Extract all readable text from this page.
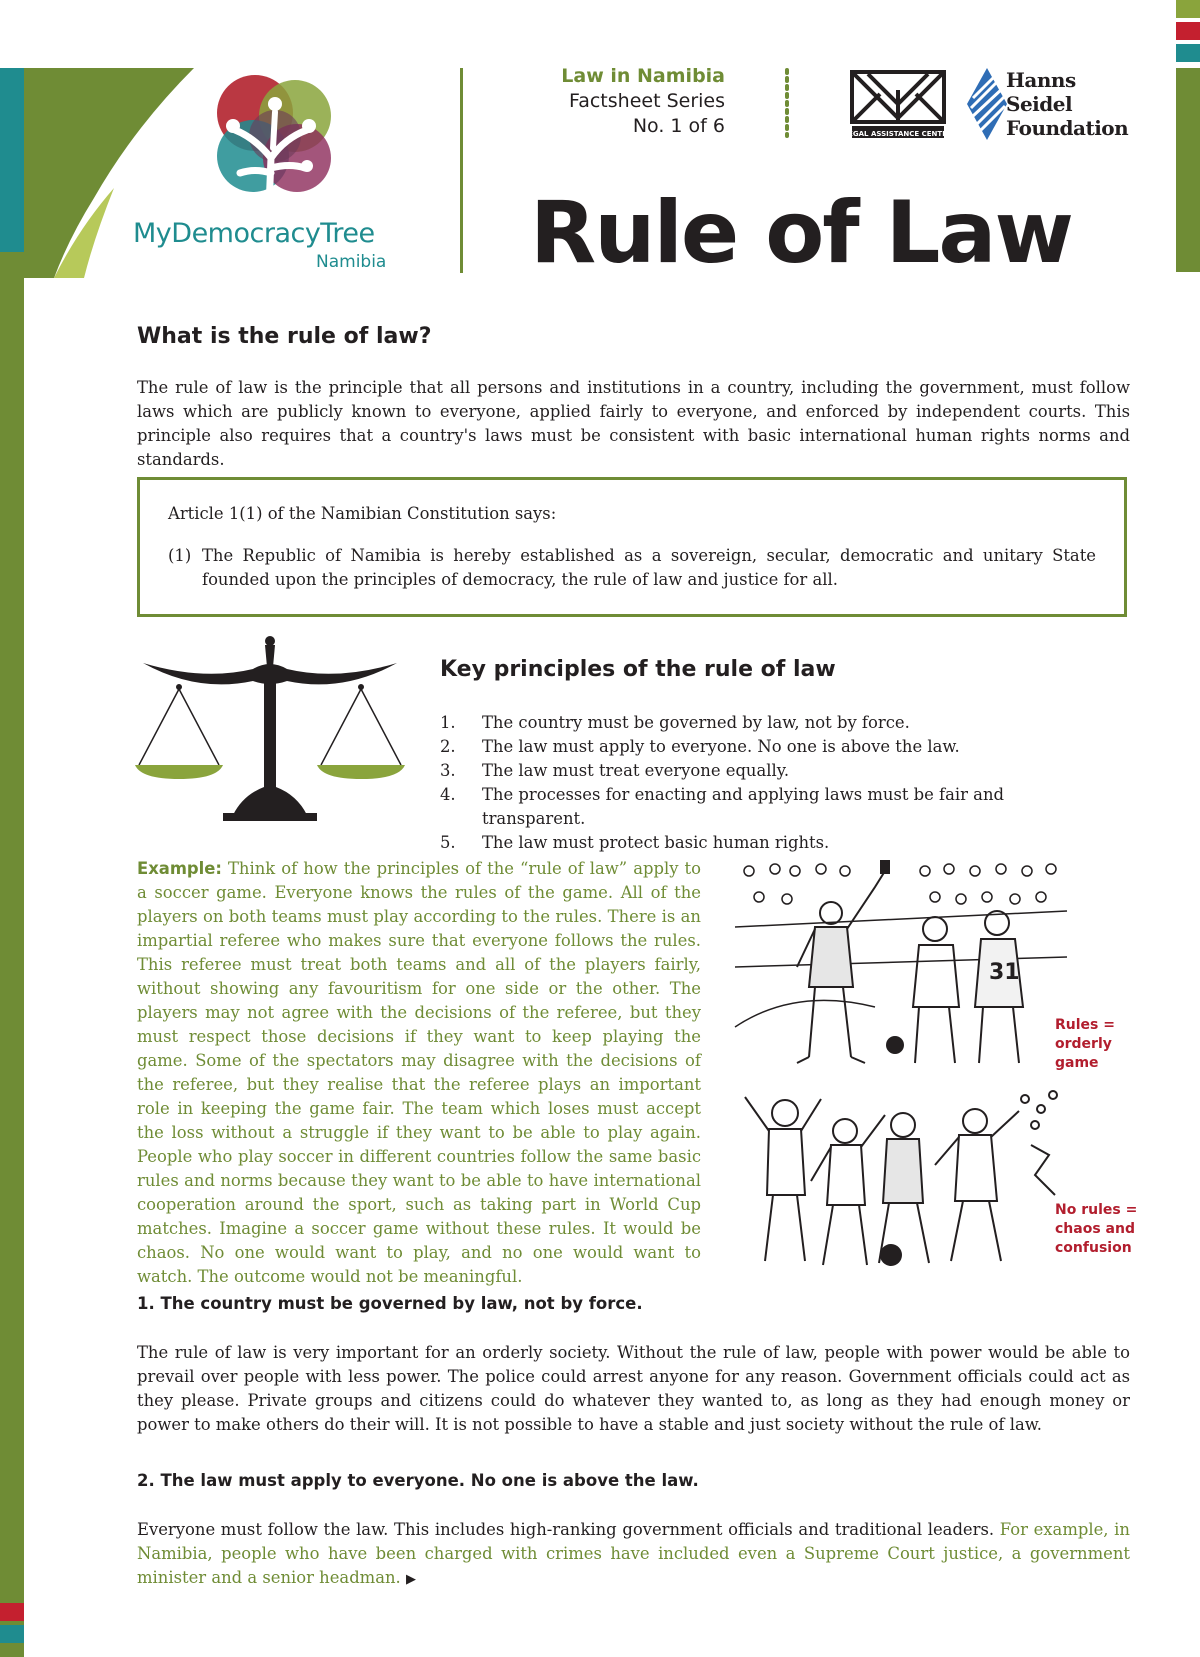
MyDemocracyTree
Namibia
Law in Namibia
Factsheet Series
No. 1 of 6	LEGAL ASSISTANCE CENTRE
Hanns
Seidel
Foundation
Rule of Law
What is the rule of law?

The rule of law is the principle that all persons and institutions in a country, including the government, must follow laws which are publicly known to everyone, applied fairly to everyone, and enforced by independent courts. This principle also requires that a country's laws must be consistent with basic international human rights norms and standards.

Article 1(1) of the Namibian Constitution says:
(1) The Republic of Namibia is hereby established as a sovereign, secular, democratic and unitary State founded upon the principles of democracy, the rule of law and justice for all.
Key principles of the rule of law
1.	The country must be governed by law, not by force.
2.	The law must apply to everyone. No one is above the law.
3.	The law must treat everyone equally.
4.	The processes for enacting and applying laws must be fair and transparent.
5.	The law must protect basic human rights.

Example: Think of how the principles of the “rule of law” apply to a soccer game. Everyone knows the rules of the game. All of the players on both teams must play according to the rules. There is an impartial referee who makes sure that everyone follows the rules. This referee must treat both teams and all of the players fairly, without showing any favouritism for one side or the other. The players may not agree with the decisions of the referee, but they must respect those decisions if they want to keep playing the game. Some of the spectators may disagree with the decisions of the referee, but they realise that the referee plays an important role in keeping the game fair. The team which loses must accept the loss without a struggle if they want to be able to play again. People who play soccer in different countries follow the same basic rules and norms because they want to be able to have international cooperation around the sport, such as taking part in World Cup matches. Imagine a soccer game without these rules. It would be chaos. No one would want to play, and no one would want to watch. The outcome would not be meaningful.

31
Rules =
orderly
game
No rules =
chaos and
confusion
1. The country must be governed by law, not by force.

The rule of law is very important for an orderly society. Without the rule of law, people with power would be able to prevail over people with less power. The police could arrest anyone for any reason. Government officials could act as they please. Private groups and citizens could do whatever they wanted to, as long as they had enough money or power to make others do their will. It is not possible to have a stable and just society without the rule of law.

2. The law must apply to everyone. No one is above the law.

Everyone must follow the law. This includes high-ranking government officials and traditional leaders. For example, in Namibia, people who have been charged with crimes have included even a Supreme Court justice, a government minister and a senior headman. ▶
